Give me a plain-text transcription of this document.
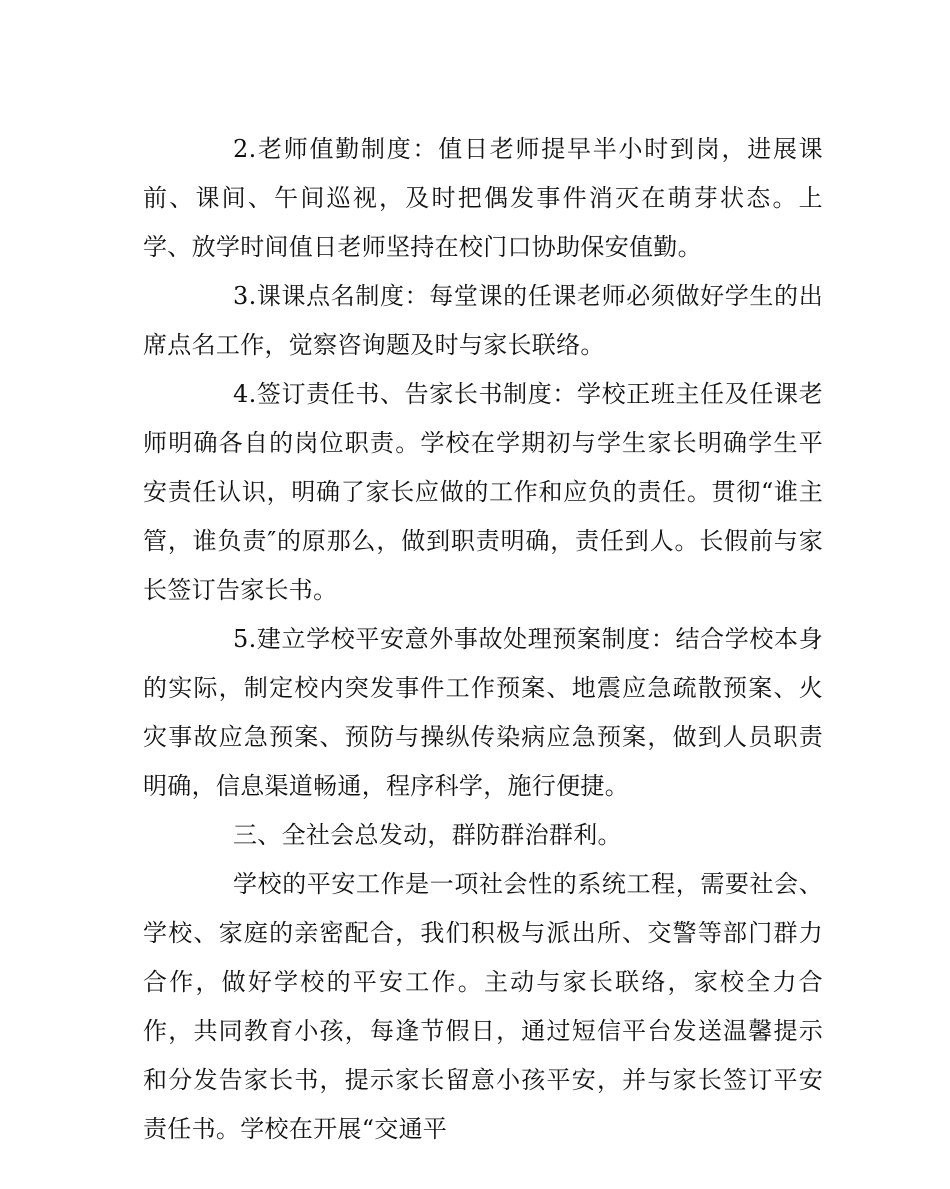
2.老师值勤制度：值日老师提早半小时到岗，进展课前、课间、午间巡视，及时把偶发事件消灭在萌芽状态。上学、放学时间值日老师坚持在校门口协助保安值勤。

3.课课点名制度：每堂课的任课老师必须做好学生的出席点名工作，觉察咨询题及时与家长联络。

4.签订责任书、告家长书制度：学校正班主任及任课老师明确各自的岗位职责。学校在学期初与学生家长明确学生平安责任认识，明确了家长应做的工作和应负的责任。贯彻“谁主管，谁负责″的原那么，做到职责明确，责任到人。长假前与家长签订告家长书。

5.建立学校平安意外事故处理预案制度：结合学校本身的实际，制定校内突发事件工作预案、地震应急疏散预案、火灾事故应急预案、预防与操纵传染病应急预案，做到人员职责明确，信息渠道畅通，程序科学，施行便捷。

三、全社会总发动，群防群治群利。

学校的平安工作是一项社会性的系统工程，需要社会、学校、家庭的亲密配合，我们积极与派出所、交警等部门群力合作，做好学校的平安工作。主动与家长联络，家校全力合作，共同教育小孩，每逢节假日，通过短信平台发送温馨提示和分发告家长书，提示家长留意小孩平安，并与家长签订平安责任书。学校在开展“交通平
